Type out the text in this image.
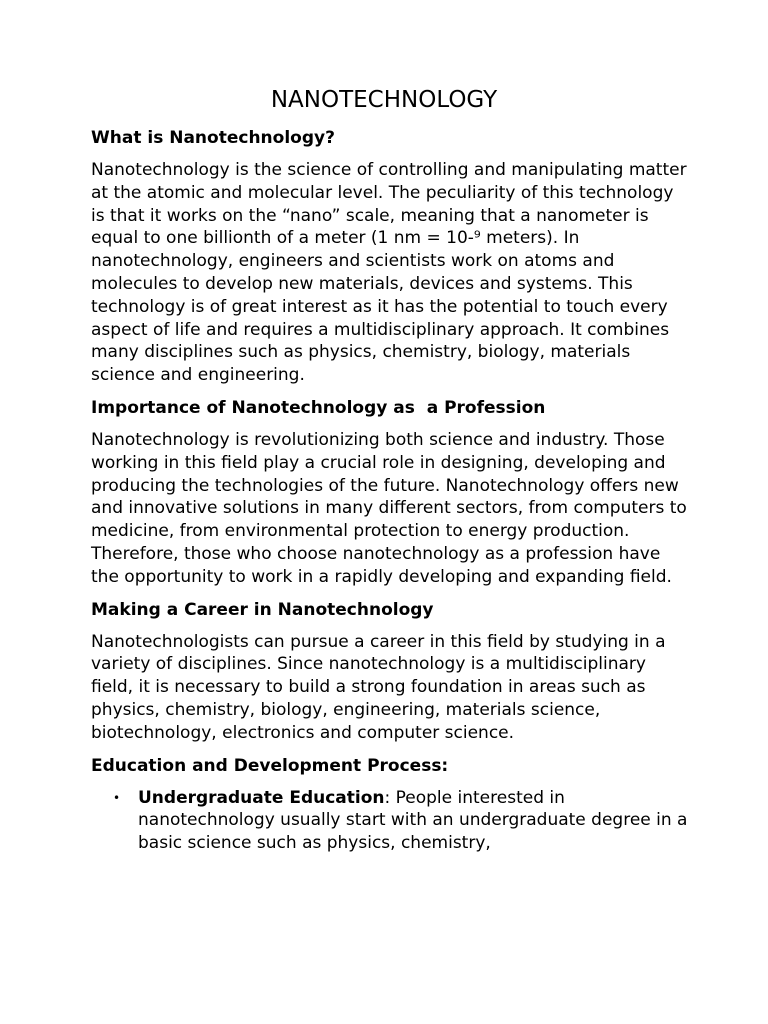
NANOTECHNOLOGY
What is Nanotechnology?

Nanotechnology is the science of controlling and manipulating matter at the atomic and molecular level. The peculiarity of this technology is that it works on the “nano” scale, meaning that a nanometer is equal to one billionth of a meter (1 nm = 10-⁹ meters). In nanotechnology, engineers and scientists work on atoms and molecules to develop new materials, devices and systems. This technology is of great interest as it has the potential to touch every aspect of life and requires a multidisciplinary approach. It combines many disciplines such as physics, chemistry, biology, materials science and engineering.

Importance of Nanotechnology as  a Profession

Nanotechnology is revolutionizing both science and industry. Those working in this field play a crucial role in designing, developing and producing the technologies of the future. Nanotechnology offers new and innovative solutions in many different sectors, from computers to medicine, from environmental protection to energy production. Therefore, those who choose nanotechnology as a profession have the opportunity to work in a rapidly developing and expanding field.

Making a Career in Nanotechnology

Nanotechnologists can pursue a career in this field by studying in a variety of disciplines. Since nanotechnology is a multidisciplinary field, it is necessary to build a strong foundation in areas such as physics, chemistry, biology, engineering, materials science, biotechnology, electronics and computer science.

Education and Development Process:
• Undergraduate Education: People interested in nanotechnology usually start with an undergraduate degree in a basic science such as physics, chemistry,
